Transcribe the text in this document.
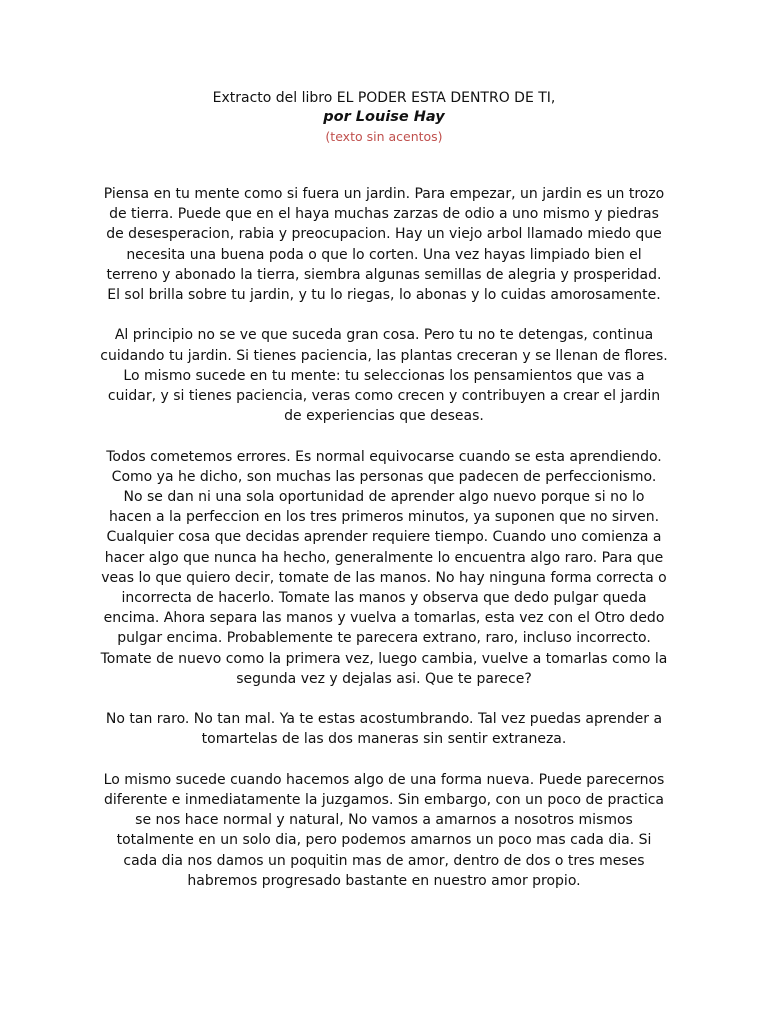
Extracto del libro EL PODER ESTA DENTRO DE TI,
por Louise Hay
(texto sin acentos)

Piensa en tu mente como si fuera un jardin. Para empezar, un jardin es un trozo de tierra. Puede que en el haya muchas zarzas de odio a uno mismo y piedras de desesperacion, rabia y preocupacion. Hay un viejo arbol llamado miedo que necesita una buena poda o que lo corten. Una vez hayas limpiado bien el terreno y abonado la tierra, siembra algunas semillas de alegria y prosperidad. El sol brilla sobre tu jardin, y tu lo riegas, lo abonas y lo cuidas amorosamente.

Al principio no se ve que suceda gran cosa. Pero tu no te detengas, continua cuidando tu jardin. Si tienes paciencia, las plantas creceran y se llenan de flores. Lo mismo sucede en tu mente: tu seleccionas los pensamientos que vas a cuidar, y si tienes paciencia, veras como crecen y contribuyen a crear el jardin de experiencias que deseas.

Todos cometemos errores. Es normal equivocarse cuando se esta aprendiendo. Como ya he dicho, son muchas las personas que padecen de perfeccionismo. No se dan ni una sola oportunidad de aprender algo nuevo porque si no lo hacen a la perfeccion en los tres primeros minutos, ya suponen que no sirven. Cualquier cosa que decidas aprender requiere tiempo. Cuando uno comienza a hacer algo que nunca ha hecho, generalmente lo encuentra algo raro. Para que veas lo que quiero decir, tomate de las manos. No hay ninguna forma correcta o incorrecta de hacerlo. Tomate las manos y observa que dedo pulgar queda encima. Ahora separa las manos y vuelva a tomarlas, esta vez con el Otro dedo pulgar encima. Probablemente te parecera extrano, raro, incluso incorrecto. Tomate de nuevo como la primera vez, luego cambia, vuelve a tomarlas como la segunda vez y dejalas asi. Que te parece?

No tan raro. No tan mal. Ya te estas acostumbrando. Tal vez puedas aprender a tomartelas de las dos maneras sin sentir extraneza.

Lo mismo sucede cuando hacemos algo de una forma nueva. Puede parecernos diferente e inmediatamente la juzgamos. Sin embargo, con un poco de practica se nos hace normal y natural, No vamos a amarnos a nosotros mismos totalmente en un solo dia, pero podemos amarnos un poco mas cada dia. Si cada dia nos damos un poquitin mas de amor, dentro de dos o tres meses habremos progresado bastante en nuestro amor propio.
